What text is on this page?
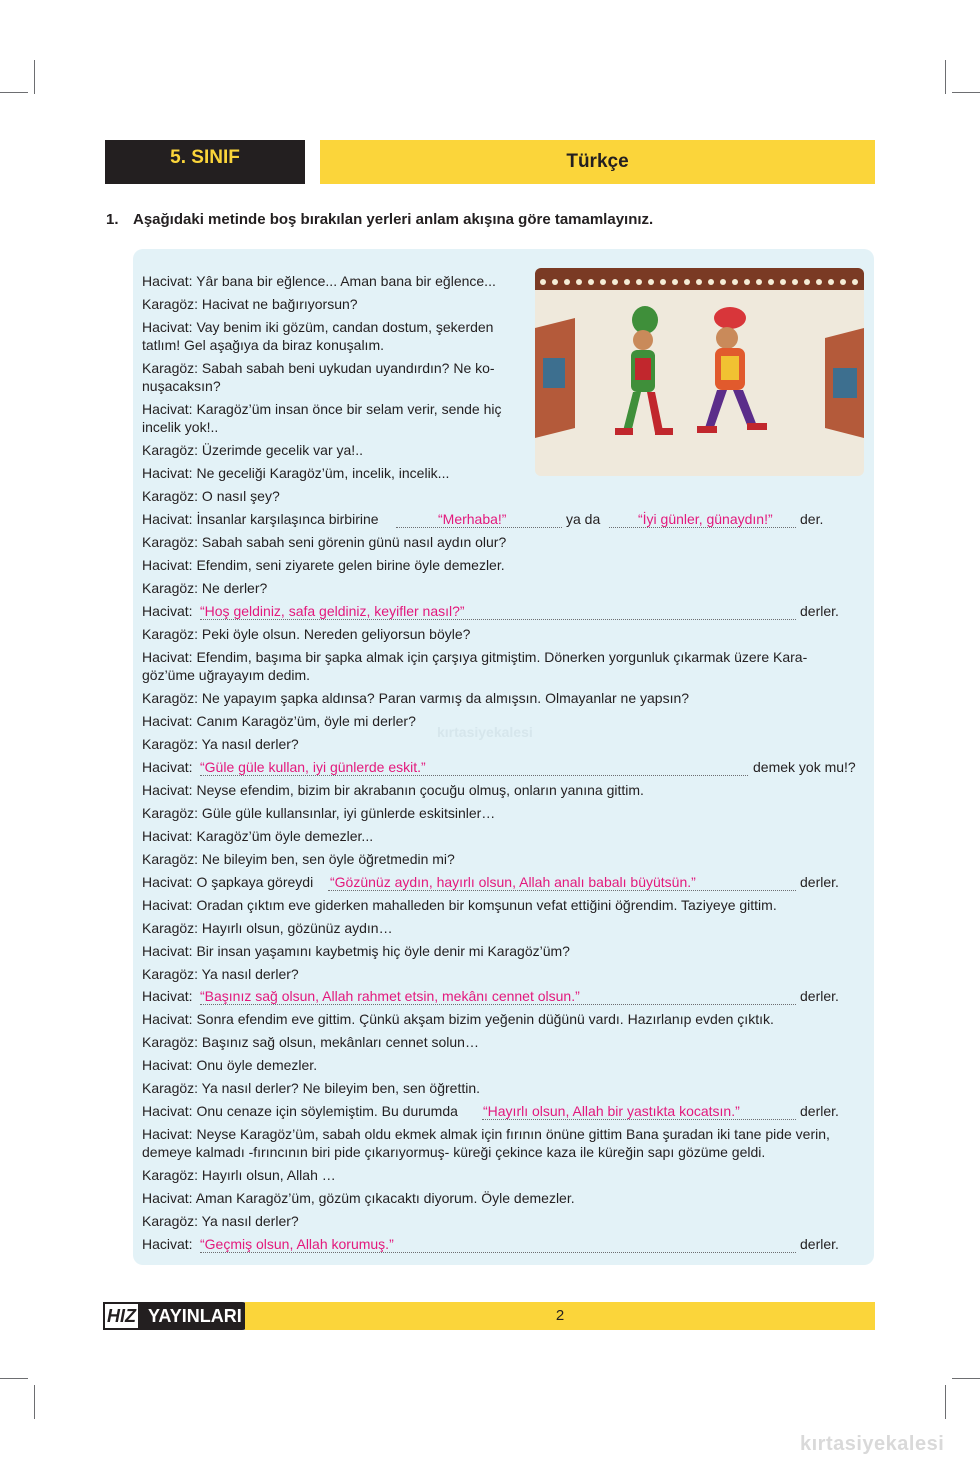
5. SINIF	Türkçe
1. Aşağıdaki metinde boş bırakılan yerleri anlam akışına göre tamamlayınız.
Hacivat: Yâr bana bir eğlence... Aman bana bir eğlence...
Karagöz: Hacivat ne bağırıyorsun?
Hacivat: Vay benim iki gözüm, candan dostum, şekerden
tatlım! Gel aşağıya da biraz konuşalım.
Karagöz: Sabah sabah beni uykudan uyandırdın? Ne ko-
nuşacaksın?
Hacivat: Karagöz’üm insan önce bir selam verir, sende hiç
incelik yok!..
Karagöz: Üzerimde gecelik var ya!..
Hacivat: Ne geceliği Karagöz’üm, incelik, incelik...
Karagöz: O nasıl şey?
Hacivat: İnsanlar karşılaşınca birbirine	“Merhaba!”	ya da	“İyi günler, günaydın!” der.
Karagöz: Sabah sabah seni görenin günü nasıl aydın olur?
Hacivat: Efendim, seni ziyarete gelen birine öyle demezler.
Karagöz: Ne derler?
Hacivat: “Hoş geldiniz, safa geldiniz, keyifler nasıl?”	derler.
Karagöz: Peki öyle olsun. Nereden geliyorsun böyle?
Hacivat: Efendim, başıma bir şapka almak için çarşıya gitmiştim. Dönerken yorgunluk çıkarmak üzere Kara-
göz’üme uğrayayım dedim.
Karagöz: Ne yapayım şapka aldınsa? Paran varmış da almışsın. Olmayanlar ne yapsın?
Hacivat: Canım Karagöz’üm, öyle mi derler?
Karagöz: Ya nasıl derler?
Hacivat: “Güle güle kullan, iyi günlerde eskit.”	demek yok mu!?
Hacivat: Neyse efendim, bizim bir akrabanın çocuğu olmuş, onların yanına gittim.
Karagöz: Güle güle kullansınlar, iyi günlerde eskitsinler…
Hacivat: Karagöz’üm öyle demezler...
Karagöz: Ne bileyim ben, sen öyle öğretmedin mi?
Hacivat: O şapkaya göreydi “Gözünüz aydın, hayırlı olsun, Allah analı babalı büyütsün.”	derler.
Hacivat: Oradan çıktım eve giderken mahalleden bir komşunun vefat ettiğini öğrendim. Taziyeye gittim.
Karagöz: Hayırlı olsun, gözünüz aydın…
Hacivat: Bir insan yaşamını kaybetmiş hiç öyle denir mi Karagöz’üm?
Karagöz: Ya nasıl derler?
Hacivat: “Başınız sağ olsun, Allah rahmet etsin, mekânı cennet olsun.”	derler.
Hacivat: Sonra efendim eve gittim. Çünkü akşam bizim yeğenin düğünü vardı. Hazırlanıp evden çıktık.
Karagöz: Başınız sağ olsun, mekânları cennet solun…
Hacivat: Onu öyle demezler.
Karagöz: Ya nasıl derler? Ne bileyim ben, sen öğrettin.
Hacivat: Onu cenaze için söylemiştim. Bu durumda “Hayırlı olsun, Allah bir yastıkta kocatsın.”	derler.
Hacivat: Neyse Karagöz’üm, sabah oldu ekmek almak için fırının önüne gittim Bana şuradan iki tane pide verin,
demeye kalmadı -fırıncının biri pide çıkarıyormuş- küreği çekince kaza ile küreğin sapı gözüme geldi.
Karagöz: Hayırlı olsun, Allah …
Hacivat: Aman Karagöz’üm, gözüm çıkacaktı diyorum. Öyle demezler.
Karagöz: Ya nasıl derler?
Hacivat: “Geçmiş olsun, Allah korumuş.”	derler.
kırtasiyekalesi
HIZ YAYINLARI	2
kırtasiyekalesi
